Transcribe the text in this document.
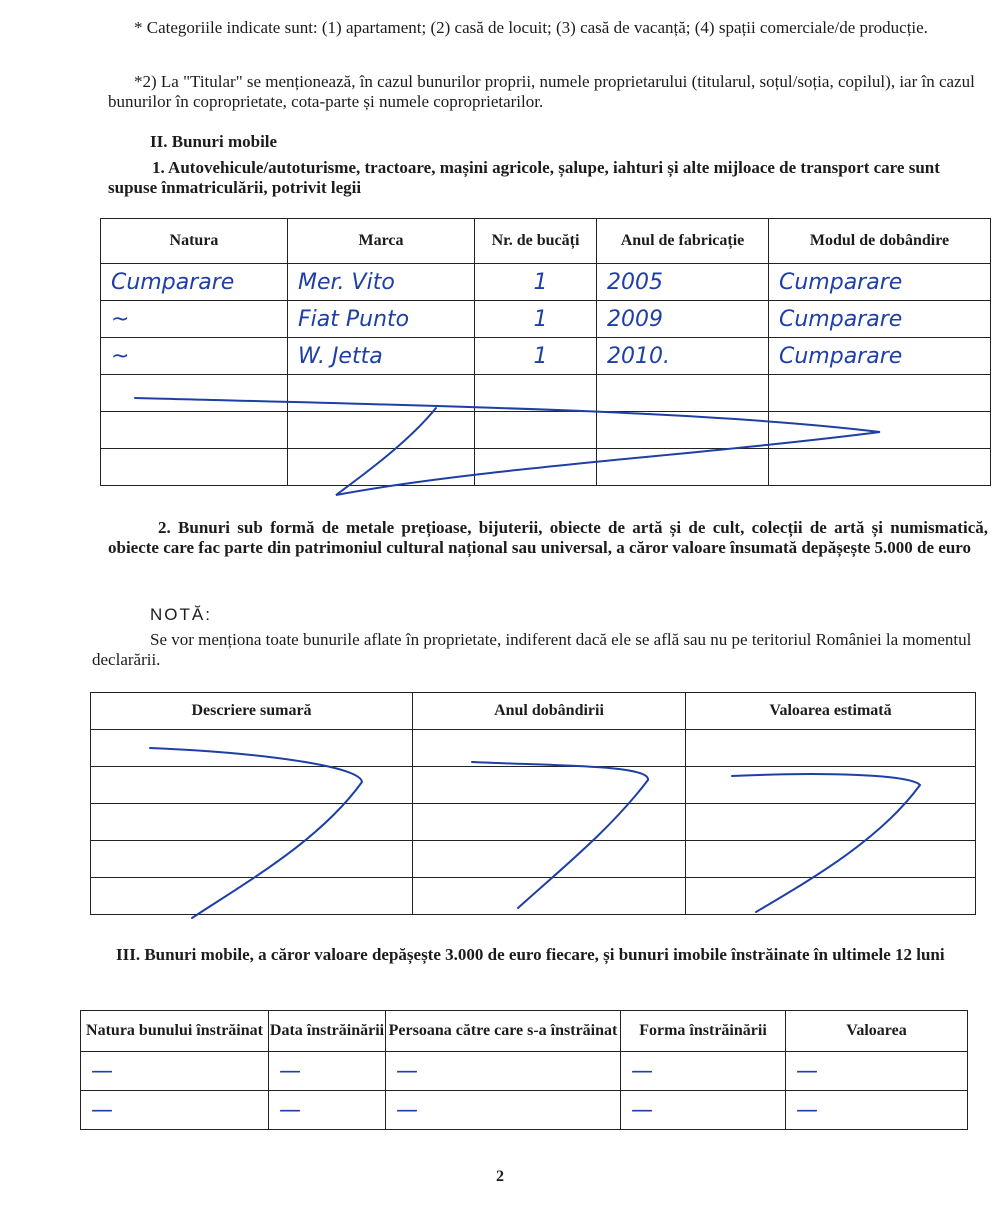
* Categoriile indicate sunt: (1) apartament; (2) casă de locuit; (3) casă de vacanță; (4) spații comerciale/de producție.

*2) La "Titular" se menționează, în cazul bunurilor proprii, numele proprietarului (titularul, soțul/soția, copilul), iar în cazul bunurilor în coproprietate, cota-parte și numele coproprietarilor.

II. Bunuri mobile

1. Autovehicule/autoturisme, tractoare, mașini agricole, șalupe, iahturi și alte mijloace de transport care sunt supuse înmatriculării, potrivit legii

Natura	Marca	Nr. de bucăți	Anul de fabricație	Modul de dobândire
Cumparare	Mer. Vito	1	2005	Cumparare
~	Fiat Punto	1	2009	Cumparare
~	W. Jetta	1	2010.	Cumparare

2. Bunuri sub formă de metale prețioase, bijuterii, obiecte de artă și de cult, colecții de artă și numismatică, obiecte care fac parte din patrimoniul cultural național sau universal, a căror valoare însumată depășește 5.000 de euro

NOTĂ:

Se vor menționa toate bunurile aflate în proprietate, indiferent dacă ele se află sau nu pe teritoriul României la momentul declarării.

Descriere sumară	Anul dobândirii	Valoarea estimată

III. Bunuri mobile, a căror valoare depășește 3.000 de euro fiecare, și bunuri imobile înstrăinate în ultimele 12 luni

Natura bunului înstrăinat	Data înstrăinării	Persoana către care s-a înstrăinat	Forma înstrăinării	Valoarea
—	—	—	—	—
—	—	—	—	—
2
